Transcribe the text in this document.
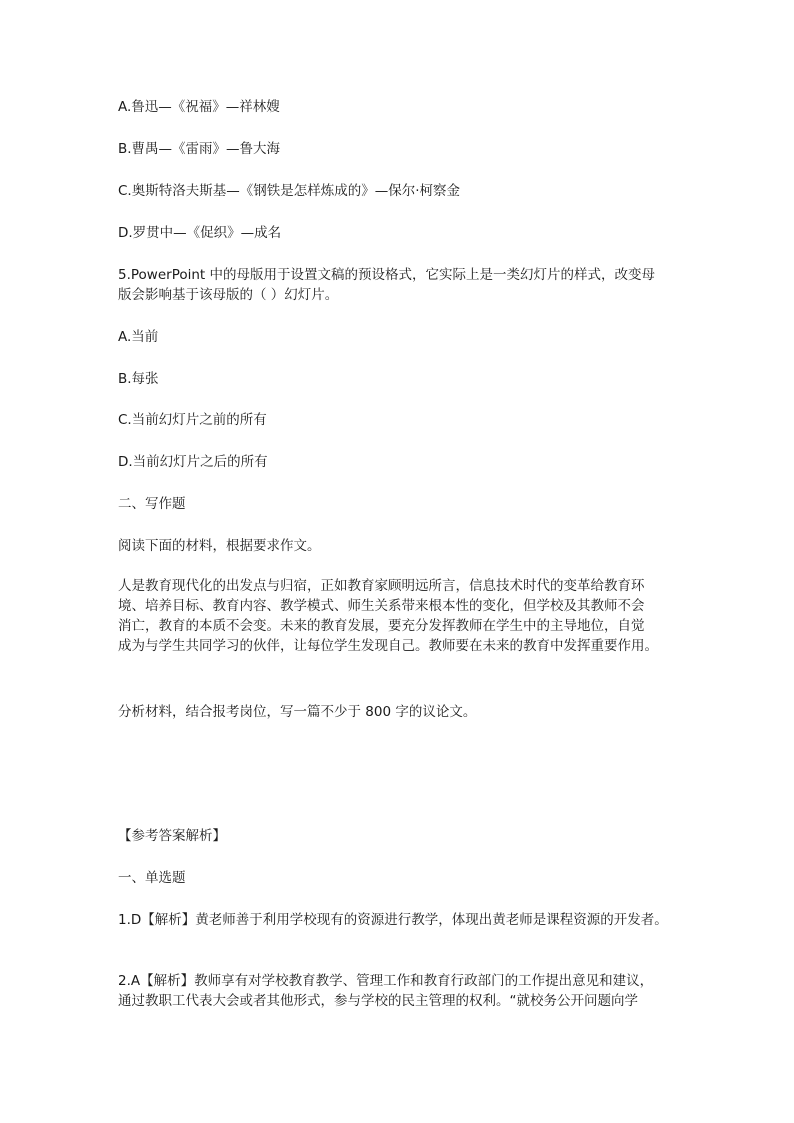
A.鲁迅—《祝福》—祥林嫂
B.曹禺—《雷雨》—鲁大海
C.奥斯特洛夫斯基—《钢铁是怎样炼成的》—保尔·柯察金
D.罗贯中—《促织》—成名
5.PowerPoint 中的母版用于设置文稿的预设格式，它实际上是一类幻灯片的样式，改变母
版会影响基于该母版的（ ）幻灯片。
A.当前
B.每张
C.当前幻灯片之前的所有
D.当前幻灯片之后的所有
二、写作题
阅读下面的材料，根据要求作文。
人是教育现代化的出发点与归宿，正如教育家顾明远所言，信息技术时代的变革给教育环
境、培养目标、教育内容、教学模式、师生关系带来根本性的变化，但学校及其教师不会
消亡，教育的本质不会变。未来的教育发展，要充分发挥教师在学生中的主导地位，自觉
成为与学生共同学习的伙伴，让每位学生发现自己。教师要在未来的教育中发挥重要作用。
分析材料，结合报考岗位，写一篇不少于 800 字的议论文。
【参考答案解析】
一、单选题
1.D【解析】黄老师善于利用学校现有的资源进行教学，体现出黄老师是课程资源的开发者。
2.A【解析】教师享有对学校教育教学、管理工作和教育行政部门的工作提出意见和建议，
通过教职工代表大会或者其他形式，参与学校的民主管理的权利。“就校务公开问题向学
